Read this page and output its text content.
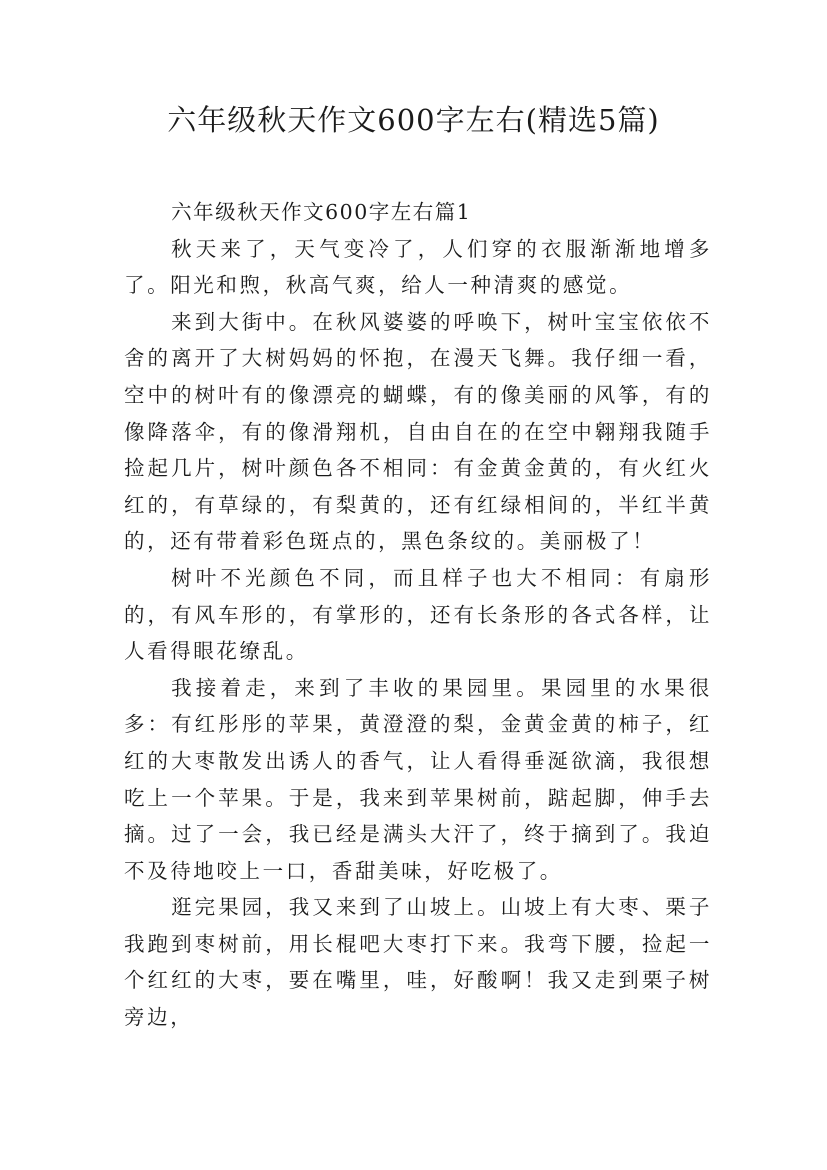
六年级秋天作文600字左右(精选5篇)

六年级秋天作文600字左右篇1

秋天来了，天气变冷了，人们穿的衣服渐渐地增多了。阳光和煦，秋高气爽，给人一种清爽的感觉。

来到大街中。在秋风婆婆的呼唤下，树叶宝宝依依不舍的离开了大树妈妈的怀抱，在漫天飞舞。我仔细一看，空中的树叶有的像漂亮的蝴蝶，有的像美丽的风筝，有的像降落伞，有的像滑翔机，自由自在的在空中翱翔我随手捡起几片，树叶颜色各不相同：有金黄金黄的，有火红火红的，有草绿的，有梨黄的，还有红绿相间的，半红半黄的，还有带着彩色斑点的，黑色条纹的。美丽极了！

树叶不光颜色不同，而且样子也大不相同：有扇形的，有风车形的，有掌形的，还有长条形的各式各样，让人看得眼花缭乱。

我接着走，来到了丰收的果园里。果园里的水果很多：有红彤彤的苹果，黄澄澄的梨，金黄金黄的柿子，红红的大枣散发出诱人的香气，让人看得垂涎欲滴，我很想吃上一个苹果。于是，我来到苹果树前，踮起脚，伸手去摘。过了一会，我已经是满头大汗了，终于摘到了。我迫不及待地咬上一口，香甜美味，好吃极了。

逛完果园，我又来到了山坡上。山坡上有大枣、栗子我跑到枣树前，用长棍吧大枣打下来。我弯下腰，捡起一个红红的大枣，要在嘴里，哇，好酸啊！我又走到栗子树旁边，
